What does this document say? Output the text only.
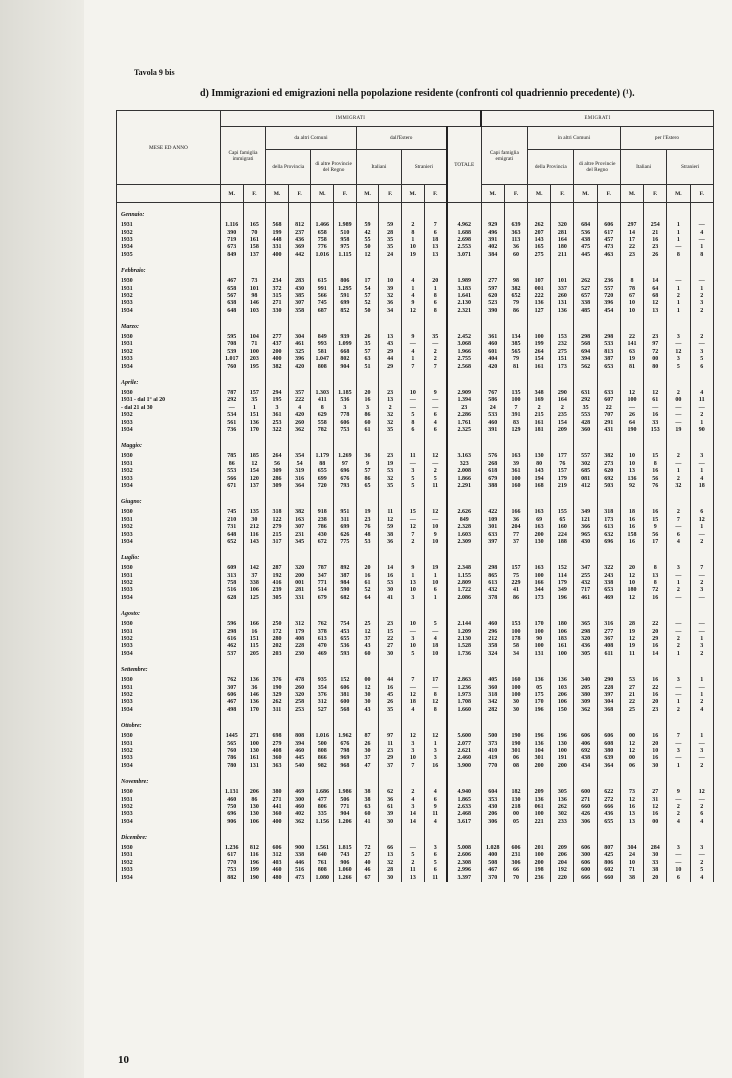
Tavola 9 bis
d) Immigrazioni ed emigrazioni nella popolazione residente (confronti col quadriennio precedente) (¹).
MESE ED ANNO	IMMIGRATI											EMIGRATI									
	Capi famiglia immigrati		da altri Comuni				dall'Estero				TOTALE	Capi famiglia emigrati		in altri Comuni				per l'Estero			
			della Provincia		di altre Provincie del Regno		Italiani		Stranieri					della Provincia		di altre Provincie del Regno		Italiani		Stranieri	
	M.	F.	M.	F.	M.	F.	M.	F.	M.	F.		M.	F.	M.	F.	M.	F.	M.	F.	M.	F.
Gennaio:																					
1931	1.116	165	568	812	1.466	1.989	59	59	2	7	4.962	929	639	262	320	684	606	297	254	1	—
1932	390	70	199	237	658	510	42	28	8	6	1.688	496	363	207	281	536	617	14	21	1	4
1933	719	161	448	436	758	958	55	35	1	18	2.698	391	113	143	164	438	457	17	16	1	—
1934	673	158	331	369	776	975	50	35	10	13	2.553	402	36	165	180	475	473	22	23	—	1
1935	849	137	400	442	1.016	1.115	12	24	19	13	3.071	384	60	275	211	445	463	23	26	8	8
Febbraio:																					
1930	467	73	234	283	615	806	17	10	4	20	1.989	277	98	107	101	262	236	8	14	—	—
1931	658	101	372	430	991	1.295	54	39	1	1	3.183	597	382	001	337	527	557	78	64	1	1
1932	567	98	315	385	566	591	57	32	4	8	1.641	620	652	222	260	657	720	67	68	2	2
1933	638	146	271	307	745	699	52	36	9	6	2.130	523	79	136	131	338	396	10	12	1	3
1934	648	103	330	358	687	852	50	34	12	8	2.321	390	86	127	136	485	454	10	13	1	2
Marzo:																					
1930	595	104	277	304	849	939	26	13	9	35	2.452	361	134	100	153	298	298	22	23	3	2
1931	708	71	437	461	993	1.099	35	43	—	—	3.068	460	385	199	232	568	533	141	97	—	—
1932	539	100	200	325	581	668	57	29	4	2	1.966	601	565	264	275	694	813	63	72	12	3
1933	1.017	203	400	396	1.047	802	63	44	1	2	2.755	404	79	154	151	394	387	19	00	3	5
1934	760	195	382	420	808	904	51	29	7	7	2.568	420	81	161	173	562	653	81	80	5	6
Aprile:																					
1930	787	157	294	357	1.303	1.185	20	23	10	9	2.909	767	135	348	290	631	633	12	12	2	4
1931 - dal 1° al 20	292	35	195	222	411	536	16	13	—	—	1.394	586	100	169	164	292	607	100	61	00	11
- dal 21 al 30	—	1	3	4	8	3	3	2	—	—	23	24	7	2	2	35	22	—	—	—	—
1932	534	151	361	420	629	778	86	32	5	6	2.286	533	391	215	235	553	707	26	16	—	2
1933	561	136	253	260	558	606	60	32	8	4	1.761	460	83	161	154	428	291	64	33	—	1
1934	736	170	322	362	782	753	61	35	6	6	2.325	391	129	181	209	360	431	190	153	19	90
Maggio:																					
1930	785	185	264	354	1.179	1.269	36	23	11	12	3.163	576	163	130	177	557	382	10	15	2	3
1931	86	12	56	54	88	97	9	19	—	—	323	268	39	80	76	302	273	10	8	—	—
1932	553	154	309	319	655	696	57	53	3	2	2.008	618	361	143	157	685	620	13	16	1	1
1933	566	120	286	316	699	676	86	32	5	5	1.866	679	100	194	179	081	692	136	56	2	4
1934	671	137	309	364	720	793	65	35	5	11	2.291	388	160	168	219	412	503	92	76	32	18
Giugno:																					
1930	745	135	318	382	918	951	19	11	15	12	2.626	422	166	163	155	349	318	18	16	2	6
1931	210	30	122	163	238	311	23	12	—	—	849	109	36	69	65	121	173	16	15	7	12
1932	731	212	279	307	786	699	76	59	12	10	2.328	301	204	163	160	366	613	16	9	—	1
1933	648	116	215	231	430	626	48	38	7	9	1.603	633	77	200	224	965	632	158	56	6	—
1934	652	143	317	345	672	775	53	36	2	10	2.309	397	37	130	188	430	696	16	17	4	2
Luglio:																					
1930	609	142	287	320	787	892	20	14	9	19	2.348	298	157	163	152	347	322	20	8	3	7
1931	313	37	192	200	347	387	16	16	1	1	1.155	865	75	100	114	255	243	12	13	—	—
1932	758	338	416	001	771	984	61	53	13	10	2.809	613	229	166	179	432	338	10	8	1	2
1933	516	106	239	281	514	590	52	30	10	6	1.722	432	41	344	349	717	653	180	72	2	3
1934	628	125	305	331	679	682	64	41	3	1	2.086	378	86	173	196	461	469	12	16	—	—
Agosto:																					
1930	596	166	250	312	762	754	25	23	10	5	2.144	460	153	170	180	365	316	28	22	—	—
1931	298	16	172	179	378	453	12	15	—	—	1.209	296	100	100	106	298	277	19	20	—	—
1932	616	151	280	408	613	655	37	22	3	4	2.130	212	178	90	183	320	367	12	29	2	1
1933	462	115	202	228	470	536	43	27	10	18	1.528	358	58	100	161	436	408	19	16	2	3
1934	537	205	203	230	469	593	60	30	5	10	1.736	324	34	131	100	305	611	11	14	1	2
Settembre:																					
1930	762	136	376	478	935	152	00	44	7	17	2.863	405	160	136	136	340	290	53	16	3	1
1931	307	36	190	260	354	606	12	16	—	—	1.236	360	100	05	103	205	228	27	22	—	—
1932	606	146	329	320	376	381	30	45	12	8	1.973	318	100	175	206	380	397	21	16	—	1
1933	467	136	262	258	312	600	30	26	18	12	1.708	342	30	170	106	309	304	22	20	1	2
1934	498	170	311	253	527	568	43	35	4	8	1.660	282	30	196	150	362	368	25	23	2	4
Ottobre:																					
1930	1445	271	698	808	1.016	1.962	87	97	12	12	5.600	500	190	196	196	606	606	00	16	7	1
1931	565	100	279	394	500	676	26	11	3	1	2.077	373	190	136	130	406	608	12	20	—	—
1932	760	130	408	460	808	798	30	23	3	3	2.621	410	301	104	100	692	380	12	10	3	3
1933	786	161	360	445	866	969	37	29	10	3	2.460	419	06	301	191	438	639	00	16	—	—
1934	780	131	363	540	982	968	47	37	7	16	3.900	770	08	200	200	434	364	06	30	1	2
Novembre:																					
1930	1.131	206	380	469	1.686	1.986	38	62	2	4	4.940	604	182	209	305	600	622	73	27	9	12
1931	460	86	271	300	477	506	38	36	4	6	1.865	353	130	136	136	271	272	12	31	—	—
1932	750	130	441	460	806	771	63	61	3	9	2.633	430	218	061	262	660	666	16	12	2	2
1933	696	130	360	402	335	904	60	39	14	11	2.468	206	00	100	302	426	436	13	16	2	6
1934	906	106	400	362	1.156	1.206	41	30	14	4	3.617	306	05	221	233	306	655	13	00	4	4
Dicembre:																					
1930	1.236	812	606	900	1.561	1.815	72	66	—	3	5.008	1.028	606	201	209	606	807	304	284	3	3
1931	617	116	312	338	640	743	27	13	5	6	2.606	400	231	100	206	300	425	24	30	—	—
1932	770	196	403	446	761	906	40	32	2	5	2.308	508	306	200	204	606	806	10	33	—	2
1933	753	199	460	516	808	1.060	46	28	11	6	2.996	467	66	198	192	600	602	71	38	10	5
1934	882	190	480	473	1.080	1.266	67	30	13	11	3.397	370	70	236	220	666	660	38	20	6	4
10
